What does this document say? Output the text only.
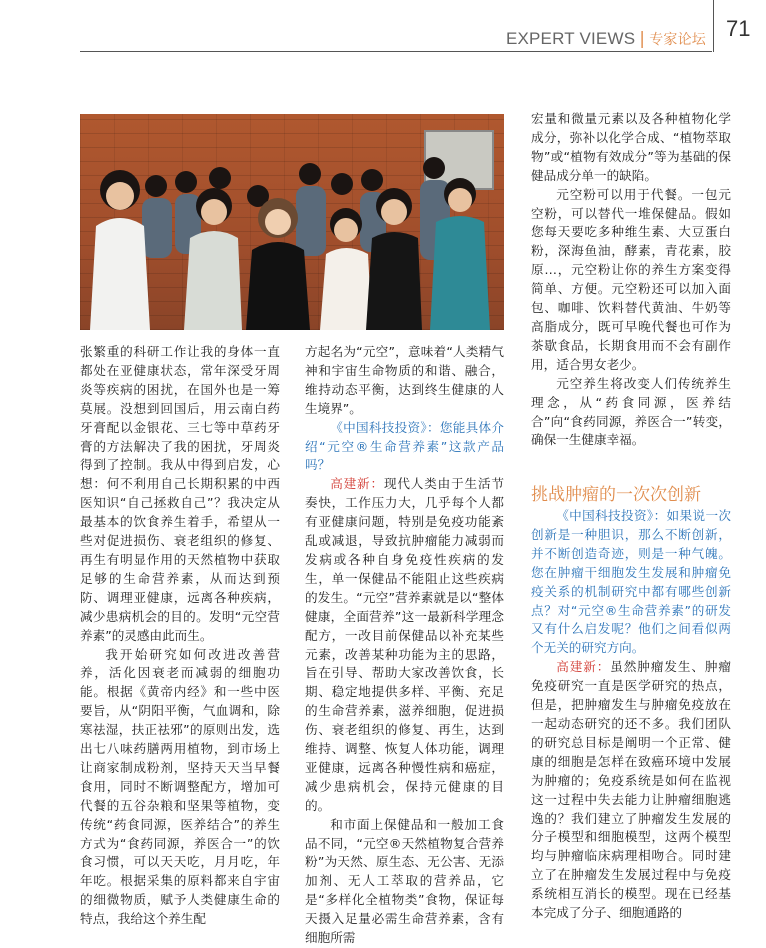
EXPERT VIEWS | 专家论坛 71

张繁重的科研工作让我的身体一直都处在亚健康状态，常年深受牙周炎等疾病的困扰，在国外也是一筹莫展。没想到回国后，用云南白药牙膏配以金银花、三七等中草药牙膏的方法解决了我的困扰，牙周炎得到了控制。我从中得到启发，心想：何不利用自己长期积累的中西医知识“自己拯救自己”？我决定从最基本的饮食养生着手，希望从一些对促进损伤、衰老组织的修复、再生有明显作用的天然植物中获取足够的生命营养素，从而达到预防、调理亚健康，远离各种疾病，减少患病机会的目的。发明“元空营养素”的灵感由此而生。

我开始研究如何改进改善营养，活化因衰老而减弱的细胞功能。根据《黄帝内经》和一些中医要旨，从“阴阳平衡，气血调和，除寒祛湿，扶正祛邪”的原则出发，选出七八味药膳两用植物，到市场上让商家制成粉剂，坚持天天当早餐食用，同时不断调整配方，增加可代餐的五谷杂粮和坚果等植物，变传统“药食同源，医养结合”的养生方式为“食药同源，养医合一”的饮食习惯，可以天天吃，月月吃，年年吃。根据采集的原料都来自宇宙的细微物质，赋予人类健康生命的特点，我给这个养生配

方起名为“元空”，意味着“人类精气神和宇宙生命物质的和谐、融合，维持动态平衡，达到终生健康的人生境界”。

《中国科技投资》：您能具体介绍“元空®生命营养素”这款产品吗？

高建新：现代人类由于生活节奏快，工作压力大，几乎每个人都有亚健康问题，特别是免疫功能紊乱或减退，导致抗肿瘤能力减弱而发病或各种自身免疫性疾病的发生，单一保健品不能阻止这些疾病的发生。“元空”营养素就是以“整体健康，全面营养”这一最新科学理念配方，一改目前保健品以补充某些元素，改善某种功能为主的思路，旨在引导、帮助大家改善饮食，长期、稳定地提供多样、平衡、充足的生命营养素，滋养细胞，促进损伤、衰老组织的修复、再生，达到维持、调整、恢复人体功能，调理亚健康，远离各种慢性病和癌症，减少患病机会，保持元健康的目的。

和市面上保健品和一般加工食品不同，“元空®天然植物复合营养粉”为天然、原生态、无公害、无添加剂、无人工萃取的营养品，它是“多样化全植物类”食物，保证每天摄入足量必需生命营养素，含有细胞所需

宏量和微量元素以及各种植物化学成分，弥补以化学合成、“植物萃取物”或“植物有效成分”等为基础的保健品成分单一的缺陷。

元空粉可以用于代餐。一包元空粉，可以替代一堆保健品。假如您每天要吃多种维生素、大豆蛋白粉，深海鱼油，酵素，青花素，胶原…，元空粉让你的养生方案变得简单、方便。元空粉还可以加入面包、咖啡、饮料替代黄油、牛奶等高脂成分，既可早晚代餐也可作为茶歇食品，长期食用而不会有副作用，适合男女老少。

元空养生将改变人们传统养生理念，从“药食同源，医养结合”向“食药同源，养医合一”转变，确保一生健康幸福。

挑战肿瘤的一次次创新

《中国科技投资》：如果说一次创新是一种胆识，那么不断创新，并不断创造奇迹，则是一种气魄。您在肿瘤干细胞发生发展和肿瘤免疫关系的机制研究中都有哪些创新点？对“元空®生命营养素”的研发又有什么启发呢？他们之间看似两个无关的研究方向。

高建新：虽然肿瘤发生、肿瘤免疫研究一直是医学研究的热点，但是，把肿瘤发生与肿瘤免疫放在一起动态研究的还不多。我们团队的研究总目标是阐明一个正常、健康的细胞是怎样在致癌环境中发展为肿瘤的；免疫系统是如何在监视这一过程中失去能力让肿瘤细胞逃逸的？我们建立了肿瘤发生发展的分子模型和细胞模型，这两个模型均与肿瘤临床病理相吻合。同时建立了在肿瘤发生发展过程中与免疫系统相互消长的模型。现在已经基本完成了分子、细胞通路的
